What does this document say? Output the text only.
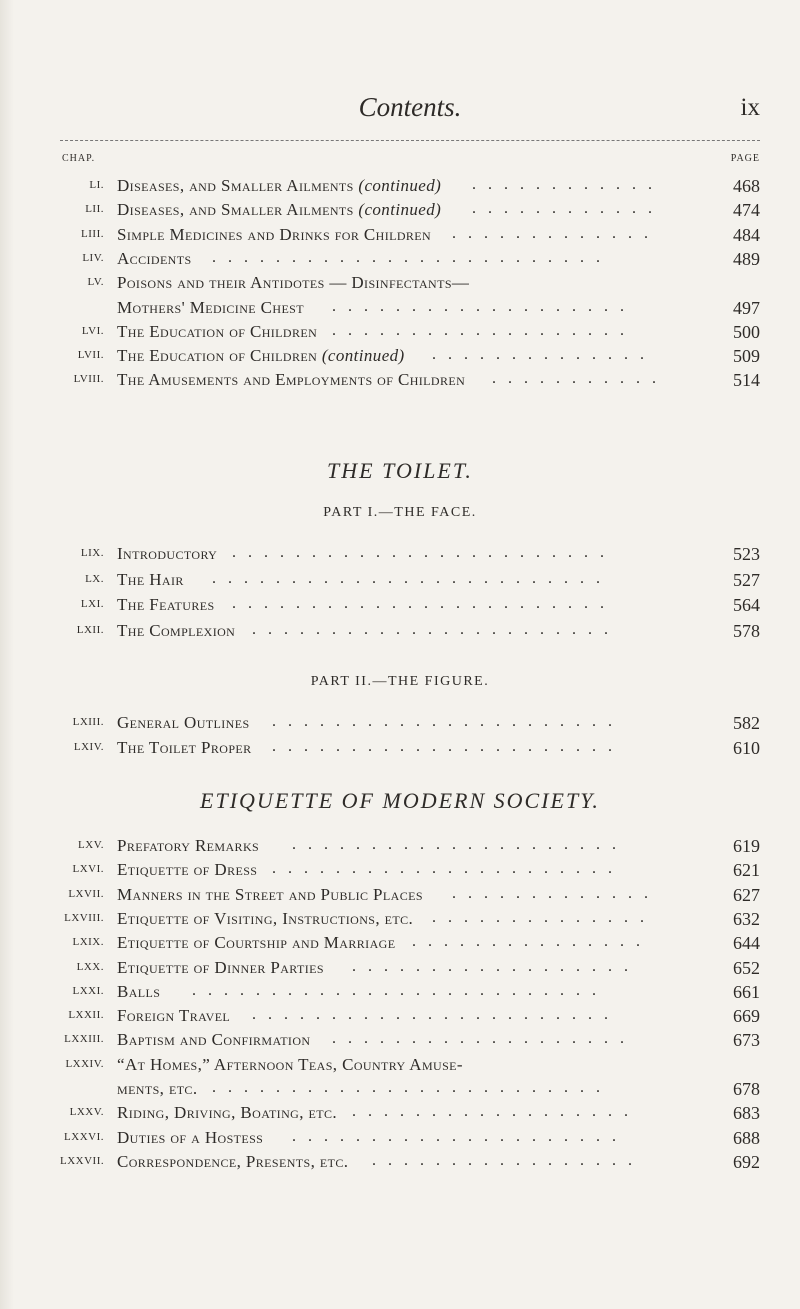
Contents.	ix
CHAP.	PAGE
LI. Diseases, and Smaller Ailments (continued)	468
............
LII. Diseases, and Smaller Ailments (continued)	474
............
LIII. Simple Medicines and Drinks for Children	484
.............
LIV. Accidents	489
.........................
LV. Poisons and their Antidotes — Disinfectants—
Mothers' Medicine Chest	497
...................
LVI. The Education of Children	500
...................
LVII. The Education of Children (continued)	509
..............
LVIII. The Amusements and Employments of Children	514
...........
THE TOILET.
PART I.—THE FACE.
LIX. Introductory	523
........................
LX. The Hair	527
.........................
LXI. The Features	564
........................
LXII. The Complexion	578
.......................
PART II.—THE FIGURE.
LXIII. General Outlines	582
......................
LXIV. The Toilet Proper	610
......................
ETIQUETTE OF MODERN SOCIETY.
LXV. Prefatory Remarks	619
.....................
LXVI. Etiquette of Dress	621
......................
LXVII. Manners in the Street and Public Places	627
.............
LXVIII. Etiquette of Visiting, Instructions, etc.	632
..............
LXIX. Etiquette of Courtship and Marriage	644
...............
LXX. Etiquette of Dinner Parties	652
..................
LXXI. Balls	661
..........................
LXXII. Foreign Travel	669
.......................
LXXIII. Baptism and Confirmation	673
...................
LXXIV. “At Homes,” Afternoon Teas, Country Amuse-
ments, etc.	678
.........................
LXXV. Riding, Driving, Boating, etc.	683
..................
LXXVI. Duties of a Hostess	688
.....................
LXXVII. Correspondence, Presents, etc.	692
.................
